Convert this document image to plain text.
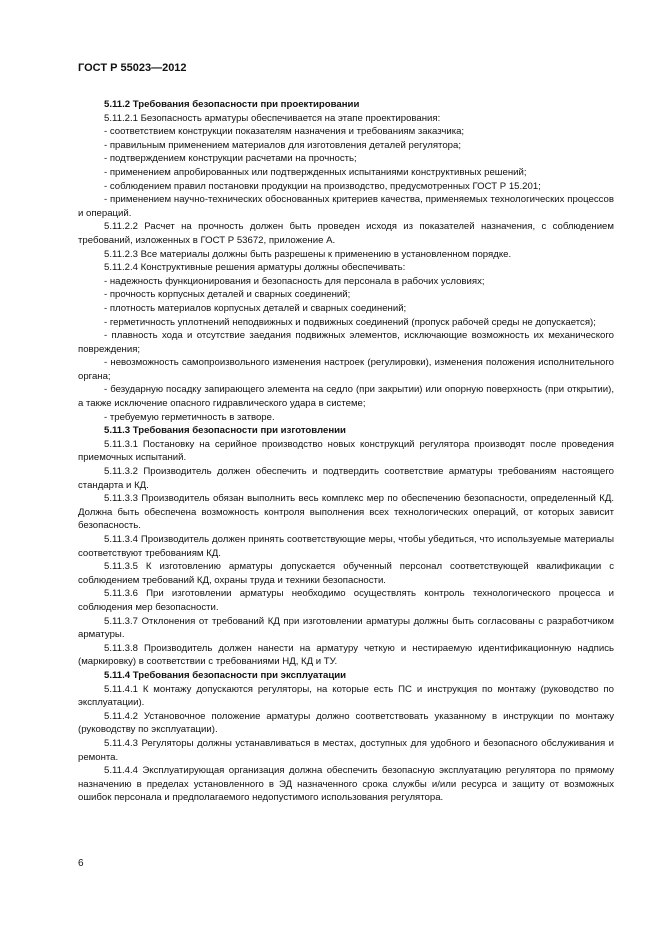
ГОСТ Р 55023—2012

5.11.2 Требования безопасности при проектировании

5.11.2.1 Безопасность арматуры обеспечивается на этапе проектирования:

- соответствием конструкции показателям назначения и требованиям заказчика;

- правильным применением материалов для изготовления деталей регулятора;

- подтверждением конструкции расчетами на прочность;

- применением апробированных или подтвержденных испытаниями конструктивных решений;

- соблюдением правил постановки продукции на производство, предусмотренных ГОСТ Р 15.201;

- применением научно-технических обоснованных критериев качества, применяемых технологических процессов и операций.

5.11.2.2 Расчет на прочность должен быть проведен исходя из показателей назначения, с соблюдением требований, изложенных в ГОСТ Р 53672, приложение А.

5.11.2.3 Все материалы должны быть разрешены к применению в установленном порядке.

5.11.2.4 Конструктивные решения арматуры должны обеспечивать:

- надежность функционирования и безопасность для персонала в рабочих условиях;

- прочность корпусных деталей и сварных соединений;

- плотность материалов корпусных деталей и сварных соединений;

- герметичность уплотнений неподвижных и подвижных соединений (пропуск рабочей среды не допускается);

- плавность хода и отсутствие заедания подвижных элементов, исключающие возможность их механического повреждения;

- невозможность самопроизвольного изменения настроек (регулировки), изменения положения исполнительного органа;

- безударную посадку запирающего элемента на седло (при закрытии) или опорную поверхность (при открытии), а также исключение опасного гидравлического удара в системе;

- требуемую герметичность в затворе.

5.11.3 Требования безопасности при изготовлении

5.11.3.1 Постановку на серийное производство новых конструкций регулятора производят после проведения приемочных испытаний.

5.11.3.2 Производитель должен обеспечить и подтвердить соответствие арматуры требованиям настоящего стандарта и КД.

5.11.3.3 Производитель обязан выполнить весь комплекс мер по обеспечению безопасности, определенный КД. Должна быть обеспечена возможность контроля выполнения всех технологических операций, от которых зависит безопасность.

5.11.3.4 Производитель должен принять соответствующие меры, чтобы убедиться, что используемые материалы соответствуют требованиям КД.

5.11.3.5 К изготовлению арматуры допускается обученный персонал соответствующей квалификации с соблюдением требований КД, охраны труда и техники безопасности.

5.11.3.6 При изготовлении арматуры необходимо осуществлять контроль технологического процесса и соблюдения мер безопасности.

5.11.3.7 Отклонения от требований КД при изготовлении арматуры должны быть согласованы с разработчиком арматуры.

5.11.3.8 Производитель должен нанести на арматуру четкую и нестираемую идентификационную надпись (маркировку) в соответствии с требованиями НД, КД и ТУ.

5.11.4 Требования безопасности при эксплуатации

5.11.4.1 К монтажу допускаются регуляторы, на которые есть ПС и инструкция по монтажу (руководство по эксплуатации).

5.11.4.2 Установочное положение арматуры должно соответствовать указанному в инструкции по монтажу (руководству по эксплуатации).

5.11.4.3 Регуляторы должны устанавливаться в местах, доступных для удобного и безопасного обслуживания и ремонта.

5.11.4.4 Эксплуатирующая организация должна обеспечить безопасную эксплуатацию регулятора по прямому назначению в пределах установленного в ЭД назначенного срока службы и/или ресурса и защиту от возможных ошибок персонала и предполагаемого недопустимого использования регулятора.

6
